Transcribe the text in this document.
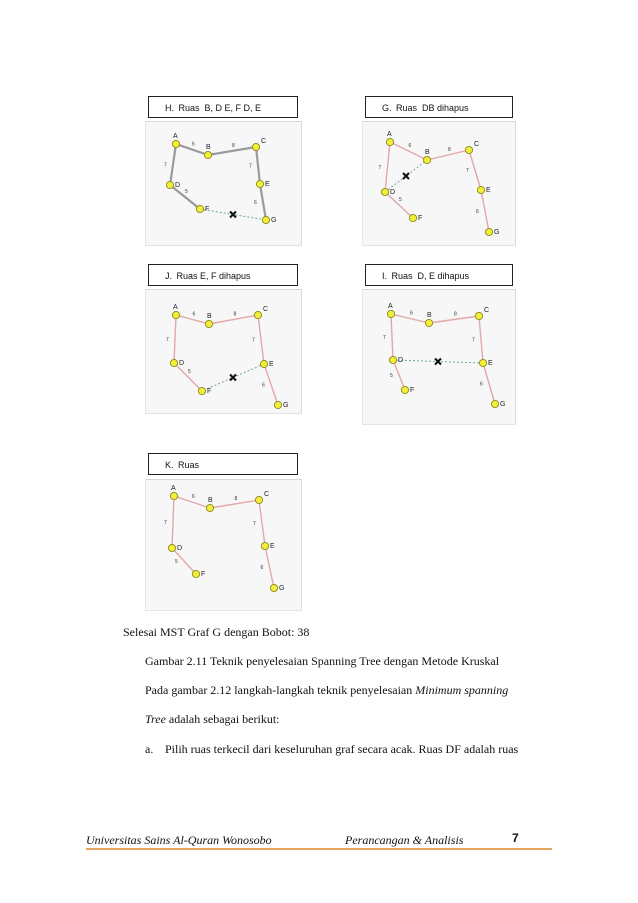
H. Ruas  B, D E, F D, E
6	8
7	7
5
6
A
B
C
D	E
F
G
G. Ruas  DB dihapus
6
8
7	7
5
6
A
B
C
D	E
F
G
J. Ruas E, F dihapus
6	8
7	7
5
6
A
B
C
D	E
F
G
I. Ruas  D, E dihapus
6	8
7	7
5
6
A
B
C
D	E
F
G
K. Ruas
6	8
7	7
5
6
A
B
C
D	E
F
G
Selesai MST Graf G dengan Bobot: 38
Gambar 2.11 Teknik penyelesaian Spanning Tree dengan Metode Kruskal
Pada gambar 2.12 langkah-langkah teknik penyelesaian Minimum spanning
Tree adalah sebagai berikut:
a. Pilih ruas terkecil dari keseluruhan graf secara acak. Ruas DF adalah ruas
Universitas Sains Al-Quran Wonosobo	Perancangan & Analisis	7
